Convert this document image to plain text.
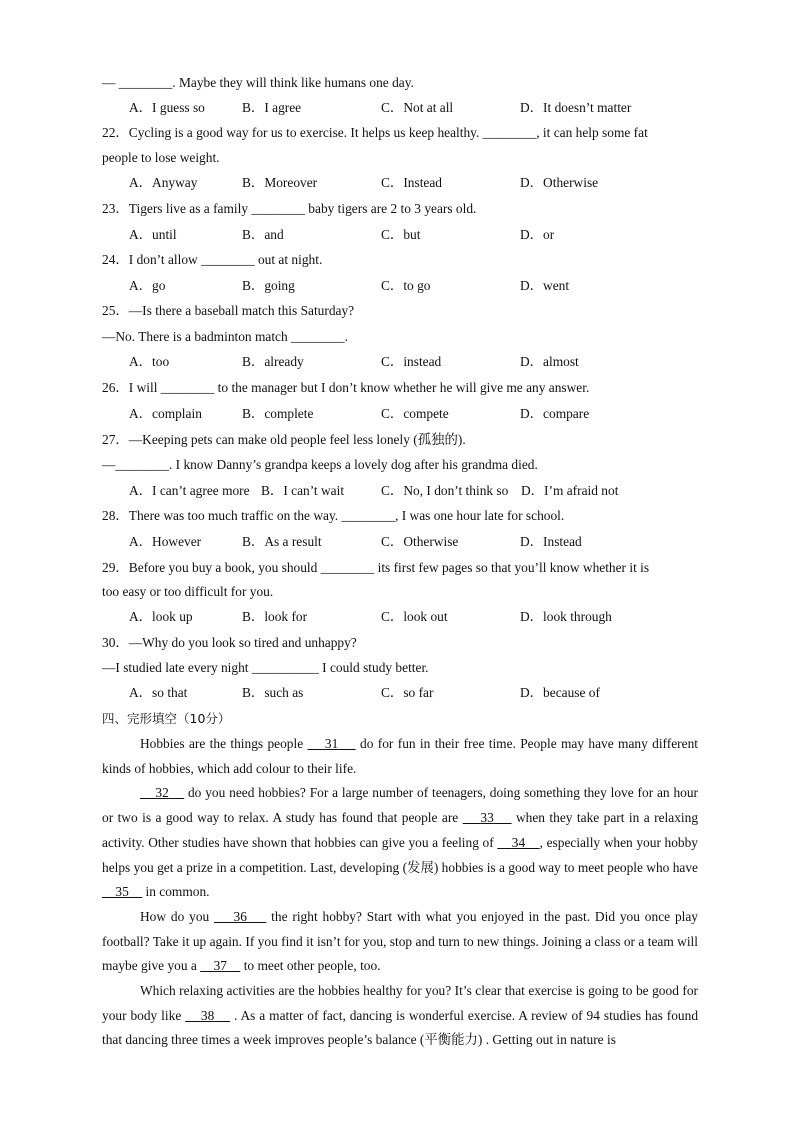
— ________. Maybe they will think like humans one day.
A．I guess so	B．I agree	C．Not at all	D．It doesn’t matter
22．Cycling is a good way for us to exercise. It helps us keep healthy. ________, it can help some fat
people to lose weight.
A．Anyway	B．Moreover	C．Instead	D．Otherwise
23．Tigers live as a family ________ baby tigers are 2 to 3 years old.
A．until	B．and	C．but	D．or
24．I don’t allow ________ out at night.
A．go	B．going	C．to go	D．went
25．—Is there a baseball match this Saturday?
—No. There is a badminton match ________.
A．too	B．already	C．instead	D．almost
26．I will ________ to the manager but I don’t know whether he will give me any answer.
A．complain	B．complete	C．compete	D．compare
27．—Keeping pets can make old people feel less lonely (孤独的).
—________. I know Danny’s grandpa keeps a lovely dog after his grandma died.
A．I can’t agree more B．I can’t wait	C．No, I don’t think so D．I’m afraid not
28．There was too much traffic on the way. ________, I was one hour late for school.
A．However	B．As a result	C．Otherwise	D．Instead
29．Before you buy a book, you should ________ its first few pages so that you’ll know whether it is
too easy or too difficult for you.
A．look up	B．look for	C．look out	D．look through
30．—Why do you look so tired and unhappy?
—I studied late every night __________ I could study better.
A．so that	B．such as	C．so far	D．because of
四、完形填空（10分）

Hobbies are the things people     31     do for fun in their free time. People may have many different kinds of hobbies, which add colour to their life.

32     do you need hobbies? For a large number of teenagers, doing something they love for an hour or two is a good way to relax. A study has found that people are     33     when they take part in a relaxing activity. Other studies have shown that hobbies can give you a feeling of     34 , especially when your hobby helps you get a prize in a competition. Last, developing (发展) hobbies is a good way to meet people who have     35     in common.

How do you     36     the right hobby? Start with what you enjoyed in the past. Did you once play football? Take it up again. If you find it isn’t for you, stop and turn to new things. Joining a class or a team will maybe give you a     37     to meet other people, too.

Which relaxing activities are the hobbies healthy for you? It’s clear that exercise is going to be good for your body like     38     . As a matter of fact, dancing is wonderful exercise. A review of 94 studies has found that dancing three times a week improves people’s balance (平衡能力) . Getting out in nature is
